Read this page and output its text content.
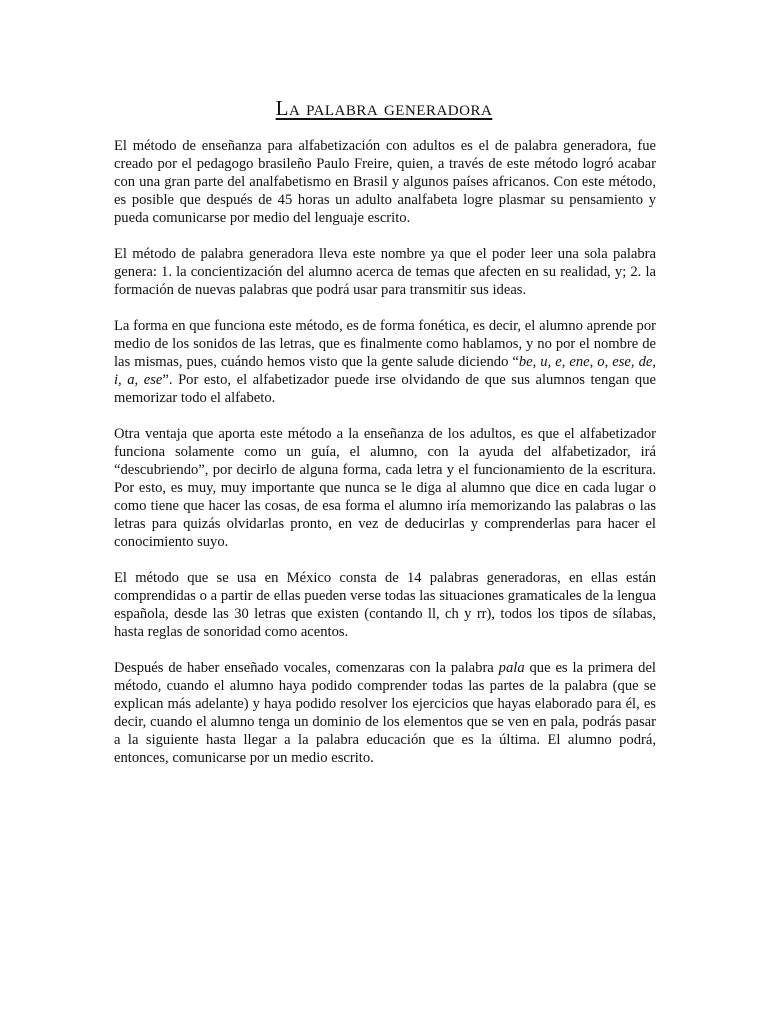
La palabra generadora

El método de enseñanza para alfabetización con adultos es el de palabra generadora, fue creado por el pedagogo brasileño Paulo Freire, quien, a través de este método logró acabar con una gran parte del analfabetismo en Brasil y algunos países africanos. Con este método, es posible que después de 45 horas un adulto analfabeta logre plasmar su pensamiento y pueda comunicarse por medio del lenguaje escrito.

El método de palabra generadora lleva este nombre ya que el poder leer una sola palabra genera: 1. la concientización del alumno acerca de temas que afecten en su realidad, y; 2. la formación de nuevas palabras que podrá usar para transmitir sus ideas.

La forma en que funciona este método, es de forma fonética, es decir, el alumno aprende por medio de los sonidos de las letras, que es finalmente como hablamos, y no por el nombre de las mismas, pues, cuándo hemos visto que la gente salude diciendo “be, u, e, ene, o, ese, de, i, a, ese”. Por esto, el alfabetizador puede irse olvidando de que sus alumnos tengan que memorizar todo el alfabeto.

Otra ventaja que aporta este método a la enseñanza de los adultos, es que el alfabetizador funciona solamente como un guía, el alumno, con la ayuda del alfabetizador, irá “descubriendo”, por decirlo de alguna forma, cada letra y el funcionamiento de la escritura. Por esto, es muy, muy importante que nunca se le diga al alumno que dice en cada lugar o como tiene que hacer las cosas, de esa forma el alumno iría memorizando las palabras o las letras para quizás olvidarlas pronto, en vez de deducirlas y comprenderlas para hacer el conocimiento suyo.

El método que se usa en México consta de 14 palabras generadoras, en ellas están comprendidas o a partir de ellas pueden verse todas las situaciones gramaticales de la lengua española, desde las 30 letras que existen (contando ll, ch y rr), todos los tipos de sílabas, hasta reglas de sonoridad como acentos.

Después de haber enseñado vocales, comenzaras con la palabra pala que es la primera del método, cuando el alumno haya podido comprender todas las partes de la palabra (que se explican más adelante) y haya podido resolver los ejercicios que hayas elaborado para él, es decir, cuando el alumno tenga un dominio de los elementos que se ven en pala, podrás pasar a la siguiente hasta llegar a la palabra educación que es la última. El alumno podrá, entonces, comunicarse por un medio escrito.
